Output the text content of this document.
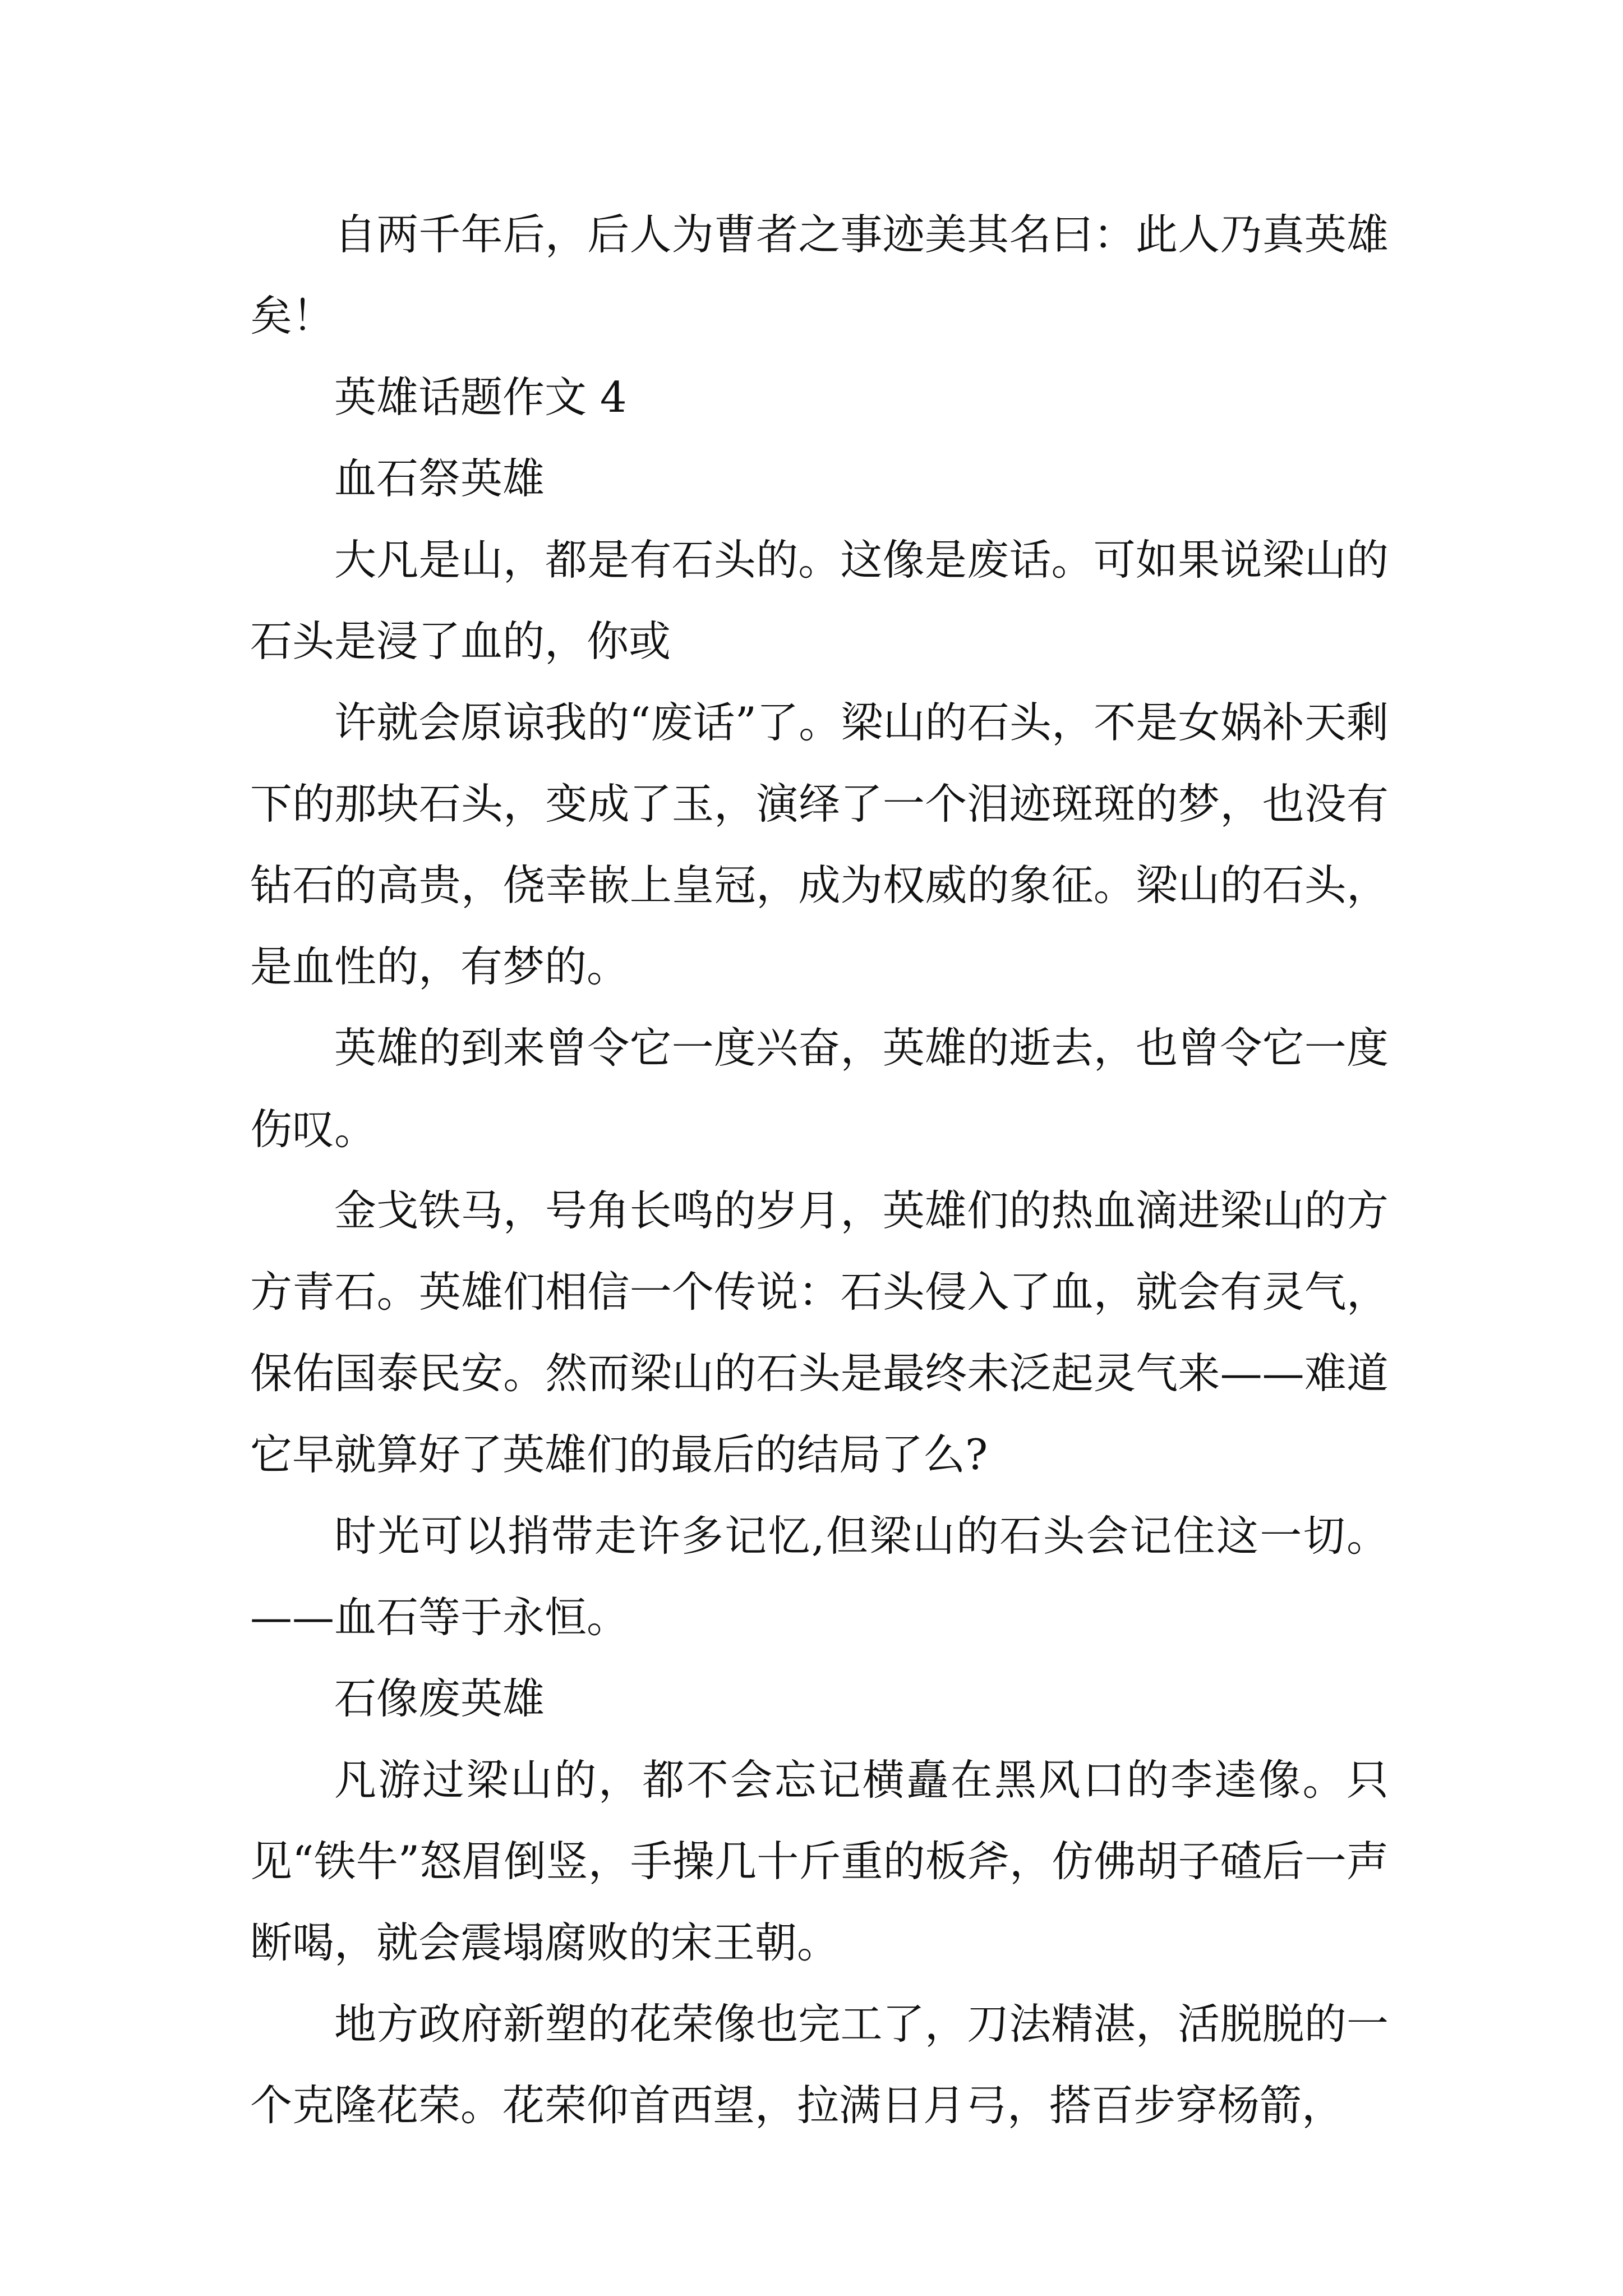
自两千年后，后人为曹者之事迹美其名曰：此人乃真英雄矣！

英雄话题作文 4

血石祭英雄

大凡是山，都是有石头的。这像是废话。可如果说梁山的石头是浸了血的，你或

许就会原谅我的“废话”了。梁山的石头，不是女娲补天剩下的那块石头，变成了玉，演绎了一个泪迹斑斑的梦，也没有钻石的高贵，侥幸嵌上皇冠，成为权威的象征。梁山的石头，是血性的，有梦的。

英雄的到来曾令它一度兴奋，英雄的逝去，也曾令它一度伤叹。

金戈铁马，号角长鸣的岁月，英雄们的热血滴进梁山的方方青石。英雄们相信一个传说：石头侵入了血，就会有灵气，保佑国泰民安。然而梁山的石头是最终未泛起灵气来——难道它早就算好了英雄们的最后的结局了么?

时光可以捎带走许多记忆,但梁山的石头会记住这一切。——血石等于永恒。

石像废英雄

凡游过梁山的，都不会忘记横矗在黑风口的李逵像。只见“铁牛”怒眉倒竖，手操几十斤重的板斧，仿佛胡子碴后一声断喝，就会震塌腐败的宋王朝。

地方政府新塑的花荣像也完工了，刀法精湛，活脱脱的一个克隆花荣。花荣仰首西望，拉满日月弓，搭百步穿杨箭，
